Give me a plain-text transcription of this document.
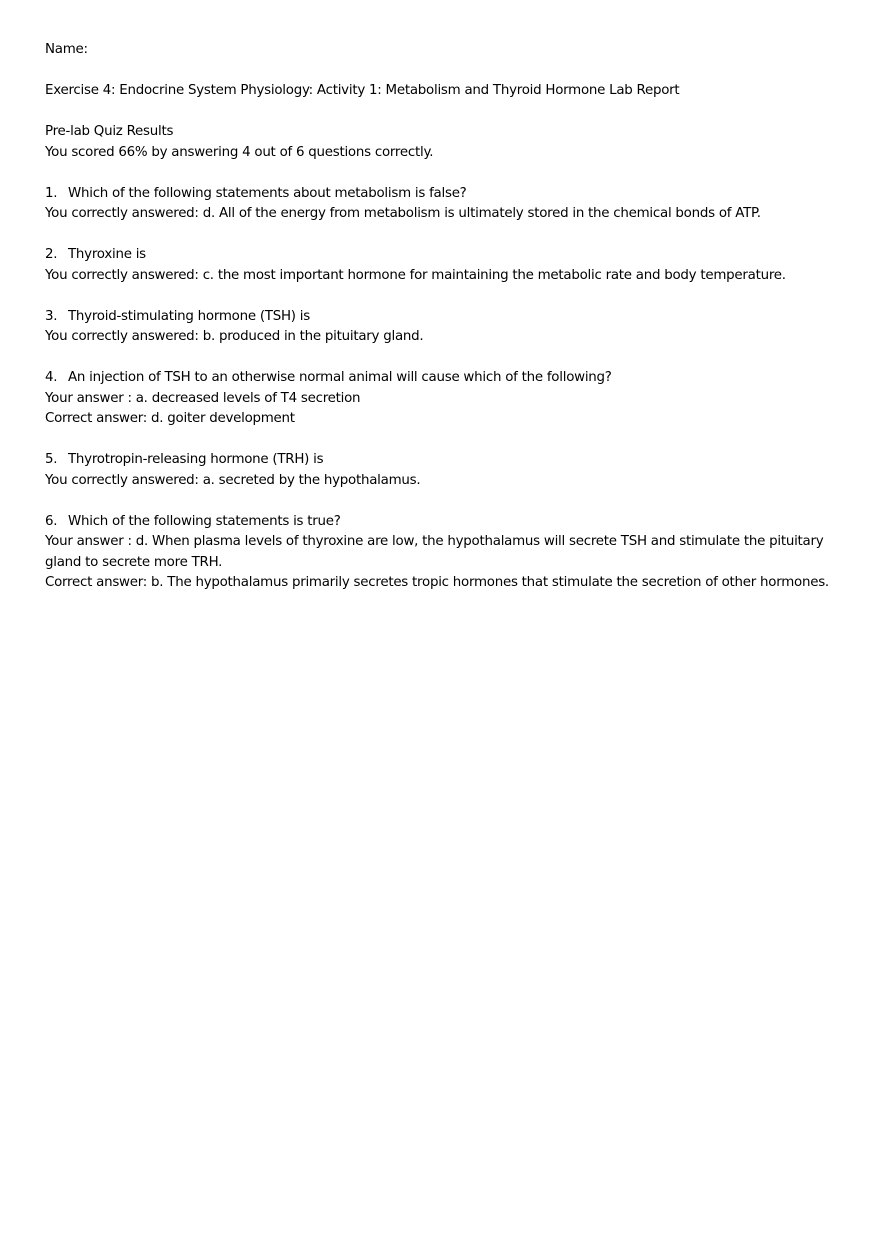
Name:
Exercise 4: Endocrine System Physiology: Activity 1: Metabolism and Thyroid Hormone Lab Report
Pre-lab Quiz Results
You scored 66% by answering 4 out of 6 questions correctly.
1. Which of the following statements about metabolism is false?
You correctly answered: d. All of the energy from metabolism is ultimately stored in the chemical bonds of ATP.
2. Thyroxine is
You correctly answered: c. the most important hormone for maintaining the metabolic rate and body temperature.
3. Thyroid-stimulating hormone (TSH) is
You correctly answered: b. produced in the pituitary gland.
4. An injection of TSH to an otherwise normal animal will cause which of the following?
Your answer : a. decreased levels of T4 secretion
Correct answer: d. goiter development
5. Thyrotropin-releasing hormone (TRH) is
You correctly answered: a. secreted by the hypothalamus.
6. Which of the following statements is true?
Your answer : d. When plasma levels of thyroxine are low, the hypothalamus will secrete TSH and stimulate the pituitary gland to secrete more TRH.
Correct answer: b. The hypothalamus primarily secretes tropic hormones that stimulate the secretion of other hormones.
